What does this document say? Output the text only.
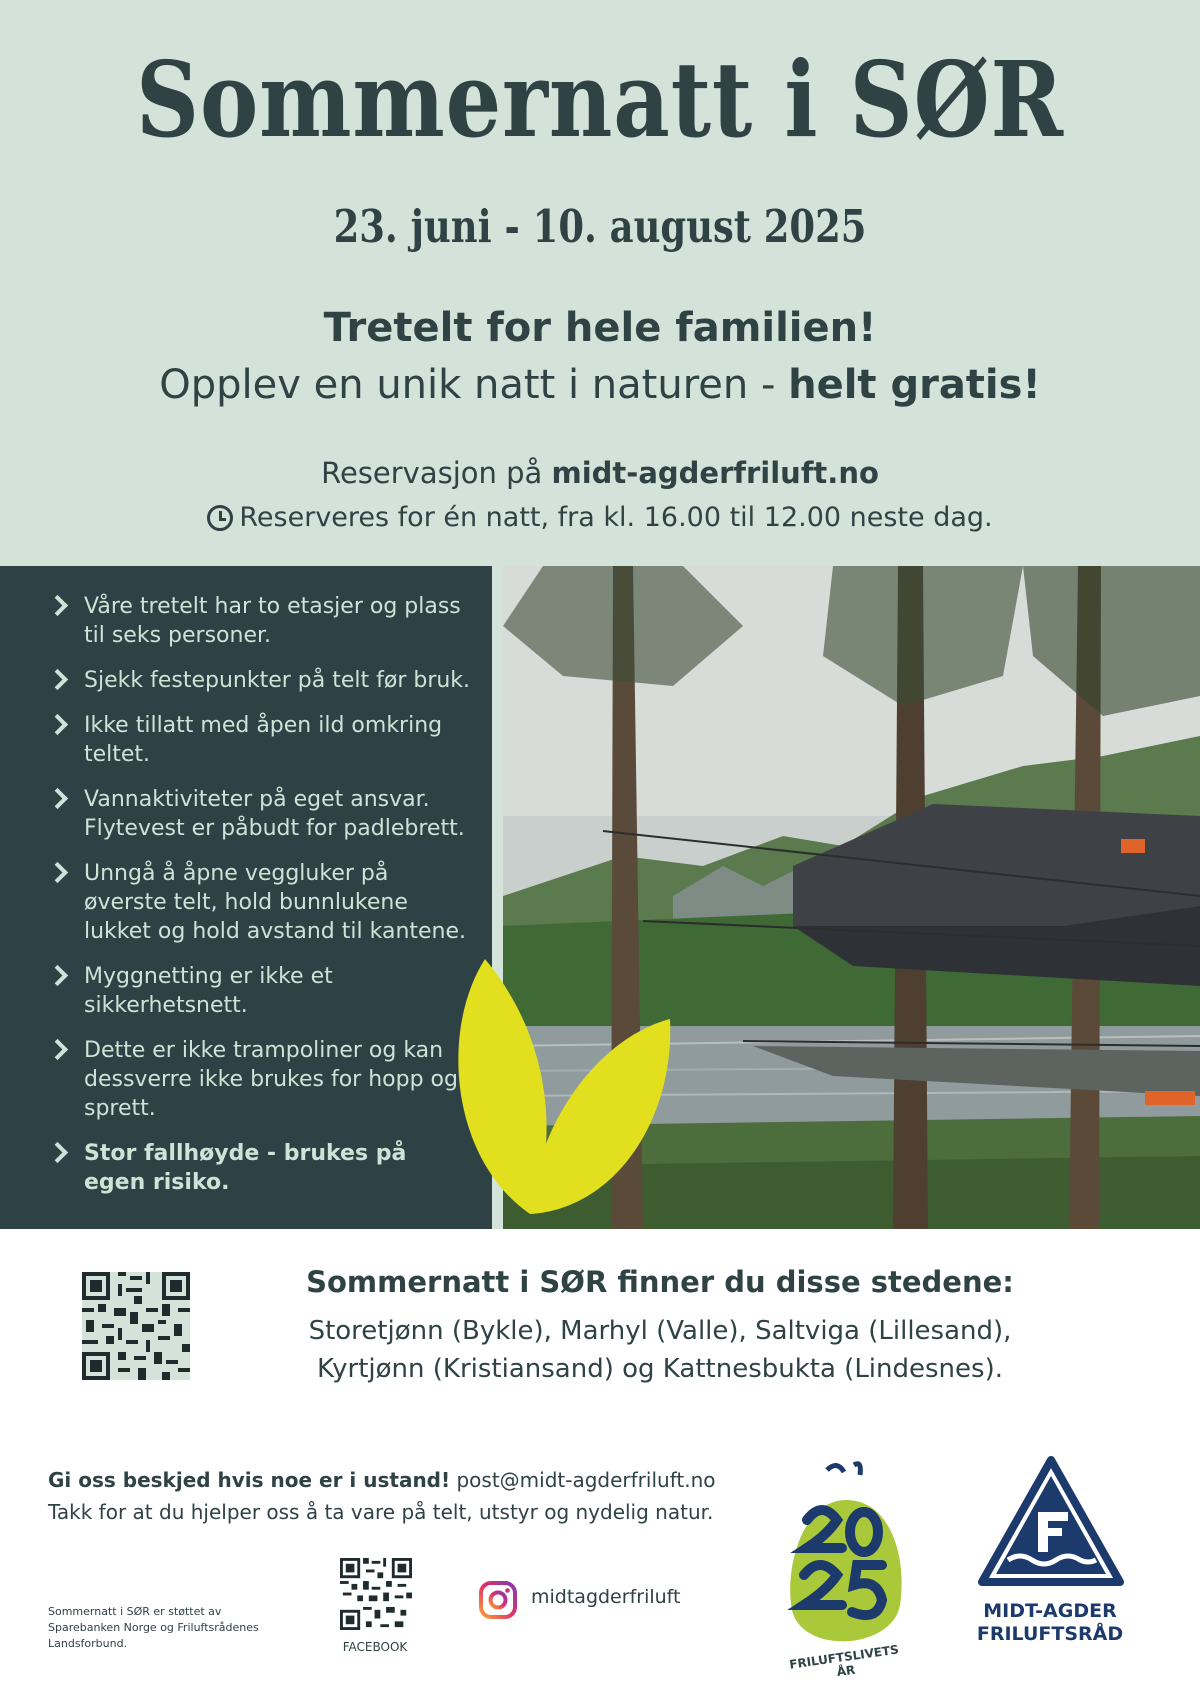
Sommernatt i SØR
23. juni - 10. august 2025
Tretelt for hele familien!
Opplev en unik natt i naturen - helt gratis!
Reservasjon på midt-agderfriluft.no
Reserveres for én natt, fra kl. 16.00 til 12.00 neste dag.
Våre tretelt har to etasjer og plass til seks personer.
Sjekk festepunkter på telt før bruk.
Ikke tillatt med åpen ild omkring teltet.
Vannaktiviteter på eget ansvar. Flytevest er påbudt for padlebrett.
Unngå å åpne veggluker på øverste telt, hold bunnlukene lukket og hold avstand til kantene.
Myggnetting er ikke et sikkerhetsnett.
Dette er ikke trampoliner og kan dessverre ikke brukes for hopp og sprett.
Stor fallhøyde - brukes på egen risiko.
Sommernatt i SØR finner du disse stedene:
Storetjønn (Bykle), Marhyl (Valle), Saltviga (Lillesand),
Kyrtjønn (Kristiansand) og Kattnesbukta (Lindesnes).
Gi oss beskjed hvis noe er i ustand! post@midt-agderfriluft.no
Takk for at du hjelper oss å ta vare på telt, utstyr og nydelig natur.
Sommernatt i SØR er støttet av Sparebanken Norge og Friluftsrådenes Landsforbund.	FACEBOOK
midtagderfriluft
FRILUFTSLIVETS ÅR
MIDT-AGDER
FRILUFTSRÅD
